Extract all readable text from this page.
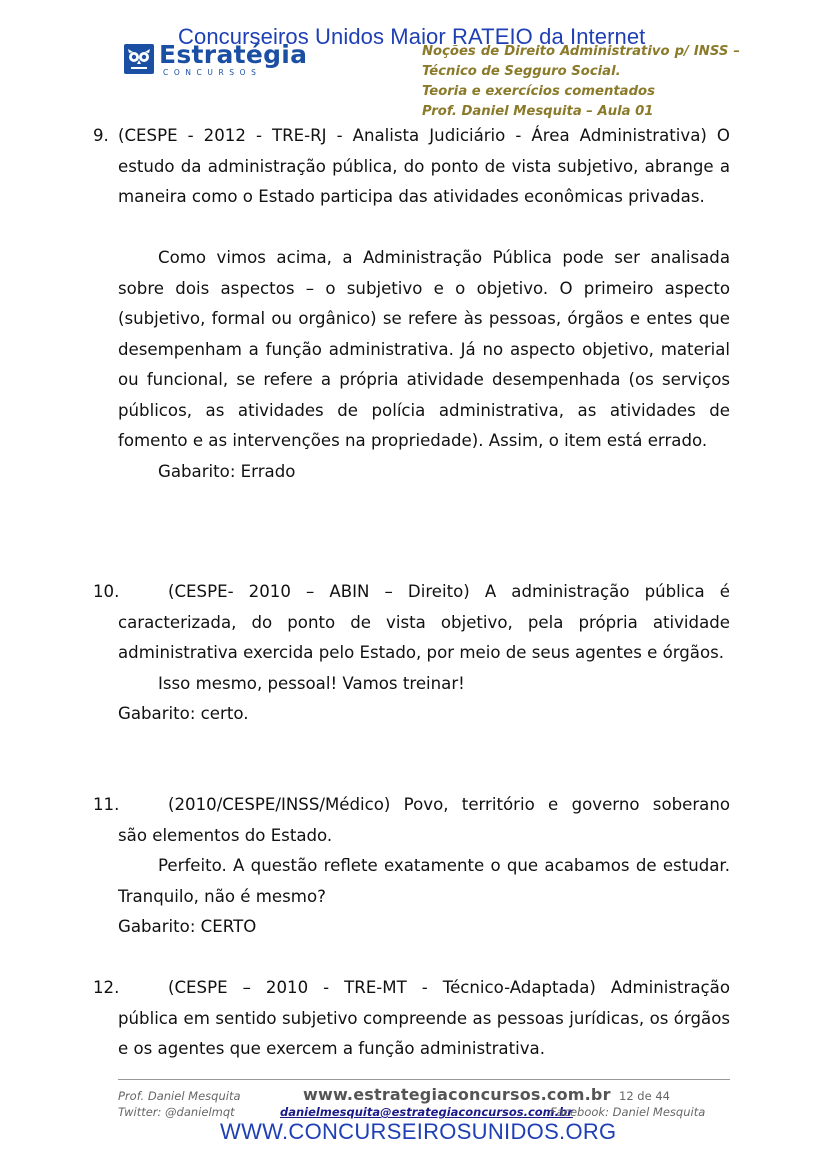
Concurseiros Unidos Maior RATEIO da Internet
Estratégia
CONCURSOS
Noções de Direito Administrativo p/ INSS –
Técnico de Segguro Social.
Teoria e exercícios comentados
Prof. Daniel Mesquita – Aula 01
9. (CESPE - 2012 - TRE-RJ - Analista Judiciário - Área Administrativa) O
estudo da administração pública, do ponto de vista subjetivo, abrange a maneira como o Estado participa das atividades econômicas privadas.
Como vimos acima, a Administração Pública pode ser analisada sobre dois aspectos – o subjetivo e o objetivo. O primeiro aspecto (subjetivo, formal ou orgânico) se refere às pessoas, órgãos e entes que desempenham a função administrativa. Já no aspecto objetivo, material ou funcional, se refere a própria atividade desempenhada (os serviços públicos, as atividades de polícia administrativa, as atividades de fomento e as intervenções na propriedade). Assim, o item está errado.
Gabarito: Errado
10.	(CESPE- 2010 – ABIN – Direito) A administração pública é
caracterizada, do ponto de vista objetivo, pela própria atividade administrativa exercida pelo Estado, por meio de seus agentes e órgãos.
Isso mesmo, pessoal! Vamos treinar!
Gabarito: certo.
11.	(2010/CESPE/INSS/Médico) Povo, território e governo soberano
são elementos do Estado.
Perfeito. A questão reflete exatamente o que acabamos de estudar. Tranquilo, não é mesmo?
Gabarito: CERTO
12.	(CESPE – 2010 - TRE-MT - Técnico-Adaptada) Administração
pública em sentido subjetivo compreende as pessoas jurídicas, os órgãos e os agentes que exercem a função administrativa.
Prof. Daniel Mesquita	www.estrategiaconcursos.com.br 12 de 44
Twitter: @danielmqt	danielmesquita@estrategiaconcursos.com.br
Facebook: Daniel Mesquita
WWW.CONCURSEIROSUNIDOS.ORG
